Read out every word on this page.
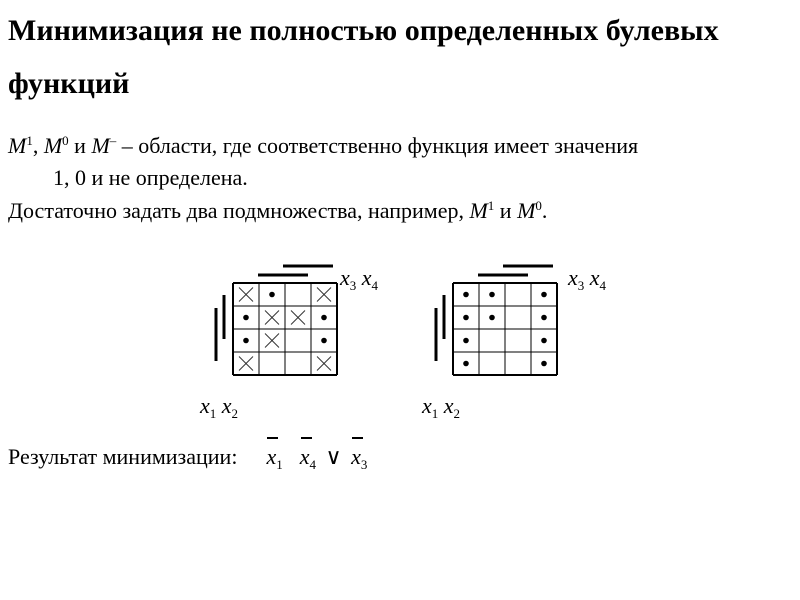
Минимизация не полностью определенных булевых функций

$M^1$, $M^0$ и M– – области, где соответственно функция имеет значения
1, 0 и не определена.

Достаточно задать два подмножества, например, $M^1$ и $M^0$.

$x_3$ $x_4$
$x_1$ $x_2$
$x_3$ $x_4$
$x_1$ $x_2$
Результат минимизации: $x_1$ $x_4$ ∨ $x_3$
